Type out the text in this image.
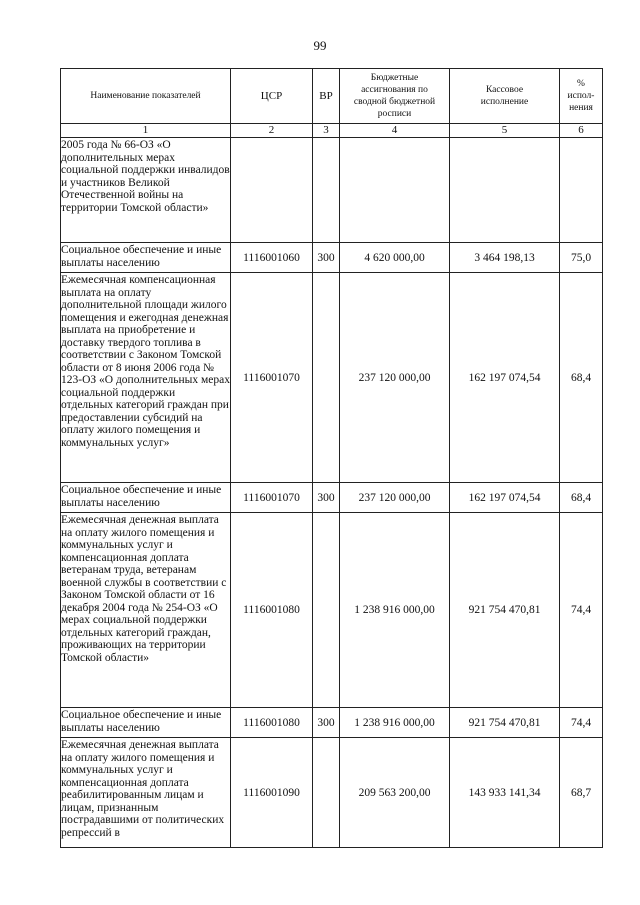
99
Наименование показателей	ЦСР	ВР	Бюджетные ассигнования по сводной бюджетной росписи	Кассовое исполнение	% испол-нения
1	2	3	4	5	6
2005 года № 66-ОЗ «О дополнительных мерах социальной поддержки инвалидов и участников Великой Отечественной войны на территории Томской области»					
Социальное обеспечение и иные выплаты населению	1116001060	300	4 620 000,00	3 464 198,13	75,0
Ежемесячная компенсационная выплата на оплату дополнительной площади жилого помещения и ежегодная денежная выплата на приобретение и доставку твердого топлива в соответствии с Законом Томской области от 8 июня 2006 года № 123-ОЗ «О дополнительных мерах социальной поддержки отдельных категорий граждан при предоставлении субсидий на оплату жилого помещения и коммунальных услуг»	1116001070		237 120 000,00	162 197 074,54	68,4
Социальное обеспечение и иные выплаты населению	1116001070	300	237 120 000,00	162 197 074,54	68,4
Ежемесячная денежная выплата на оплату жилого помещения и коммунальных услуг и компенсационная доплата ветеранам труда, ветеранам военной службы в соответствии с Законом Томской области от 16 декабря 2004 года № 254-ОЗ «О мерах социальной поддержки отдельных категорий граждан, проживающих на территории Томской области»	1116001080		1 238 916 000,00	921 754 470,81	74,4
Социальное обеспечение и иные выплаты населению	1116001080	300	1 238 916 000,00	921 754 470,81	74,4
Ежемесячная денежная выплата на оплату жилого помещения и коммунальных услуг и компенсационная доплата реабилитированным лицам и лицам, признанным пострадавшими от политических репрессий в	1116001090		209 563 200,00	143 933 141,34	68,7
